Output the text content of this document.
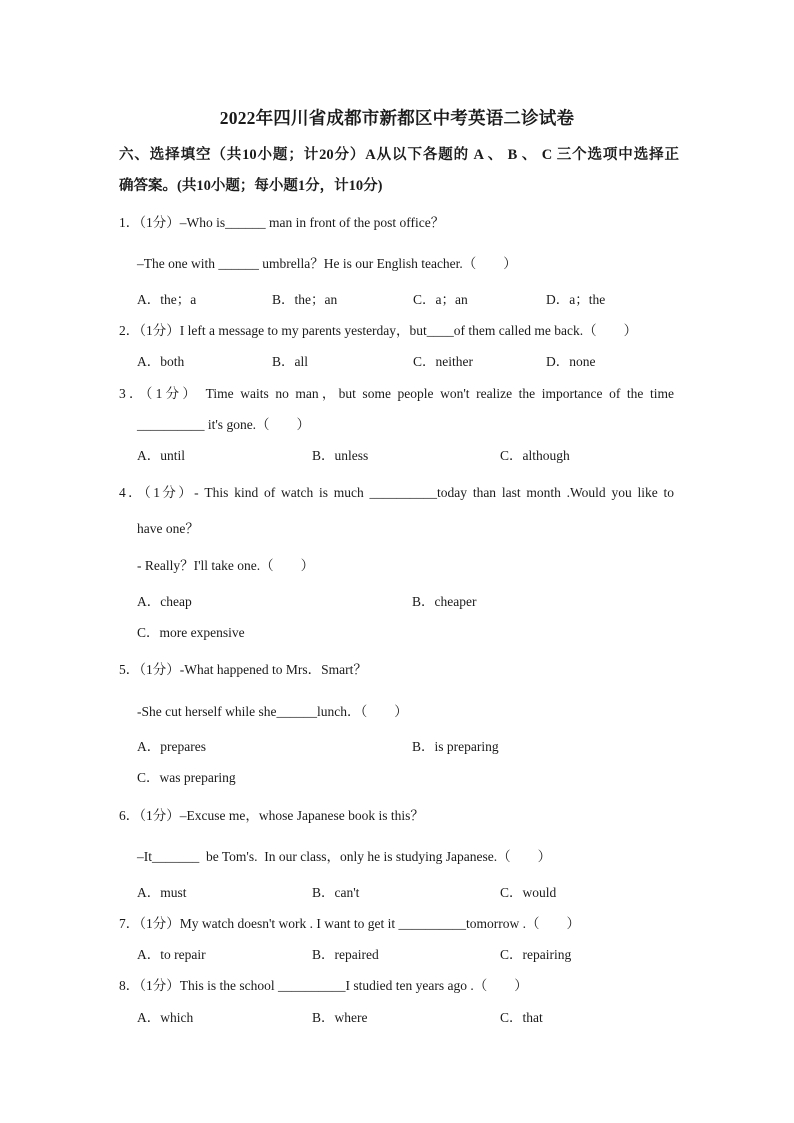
2022年四川省成都市新都区中考英语二诊试卷
六、选择填空（共10小题；计20分）A从以下各题的 A 、 B 、 C 三个选项中选择正
确答案。(共10小题；每小题1分，计10分)
1．（1分）‒Who is______ man in front of the post office？
‒The one with ______ umbrella？He is our English teacher.（        ）
A．the；a	B．the；an	C．a；an	D．a；the
2．（1分）I left a message to my parents yesterday，but____of them called me back.（        ）
A．both	B．all	C．neither	D．none
3．（1分） Time waits no man，but some people won't realize the importance of the time
__________ it's gone.（        ）
A．until	B．unless	C．although
4．（1分）- This kind of watch is much __________today than last month .Would you like to
have one？
- Really？I'll take one.（        ）
A．cheap	B．cheaper
C．more expensive
5．（1分）-What happened to Mrs．Smart？
-She cut herself while she______lunch．（        ）
A．prepares	B．is preparing
C．was preparing
6．（1分）‒Excuse me，whose Japanese book is this？
‒It_______  be Tom's.  In our class，only he is studying Japanese.（        ）
A．must	B．can't	C．would
7．（1分）My watch doesn't work . I want to get it __________tomorrow .（        ）
A．to repair	B．repaired	C．repairing
8．（1分）This is the school __________I studied ten years ago .（        ）
A．which	B．where	C．that
